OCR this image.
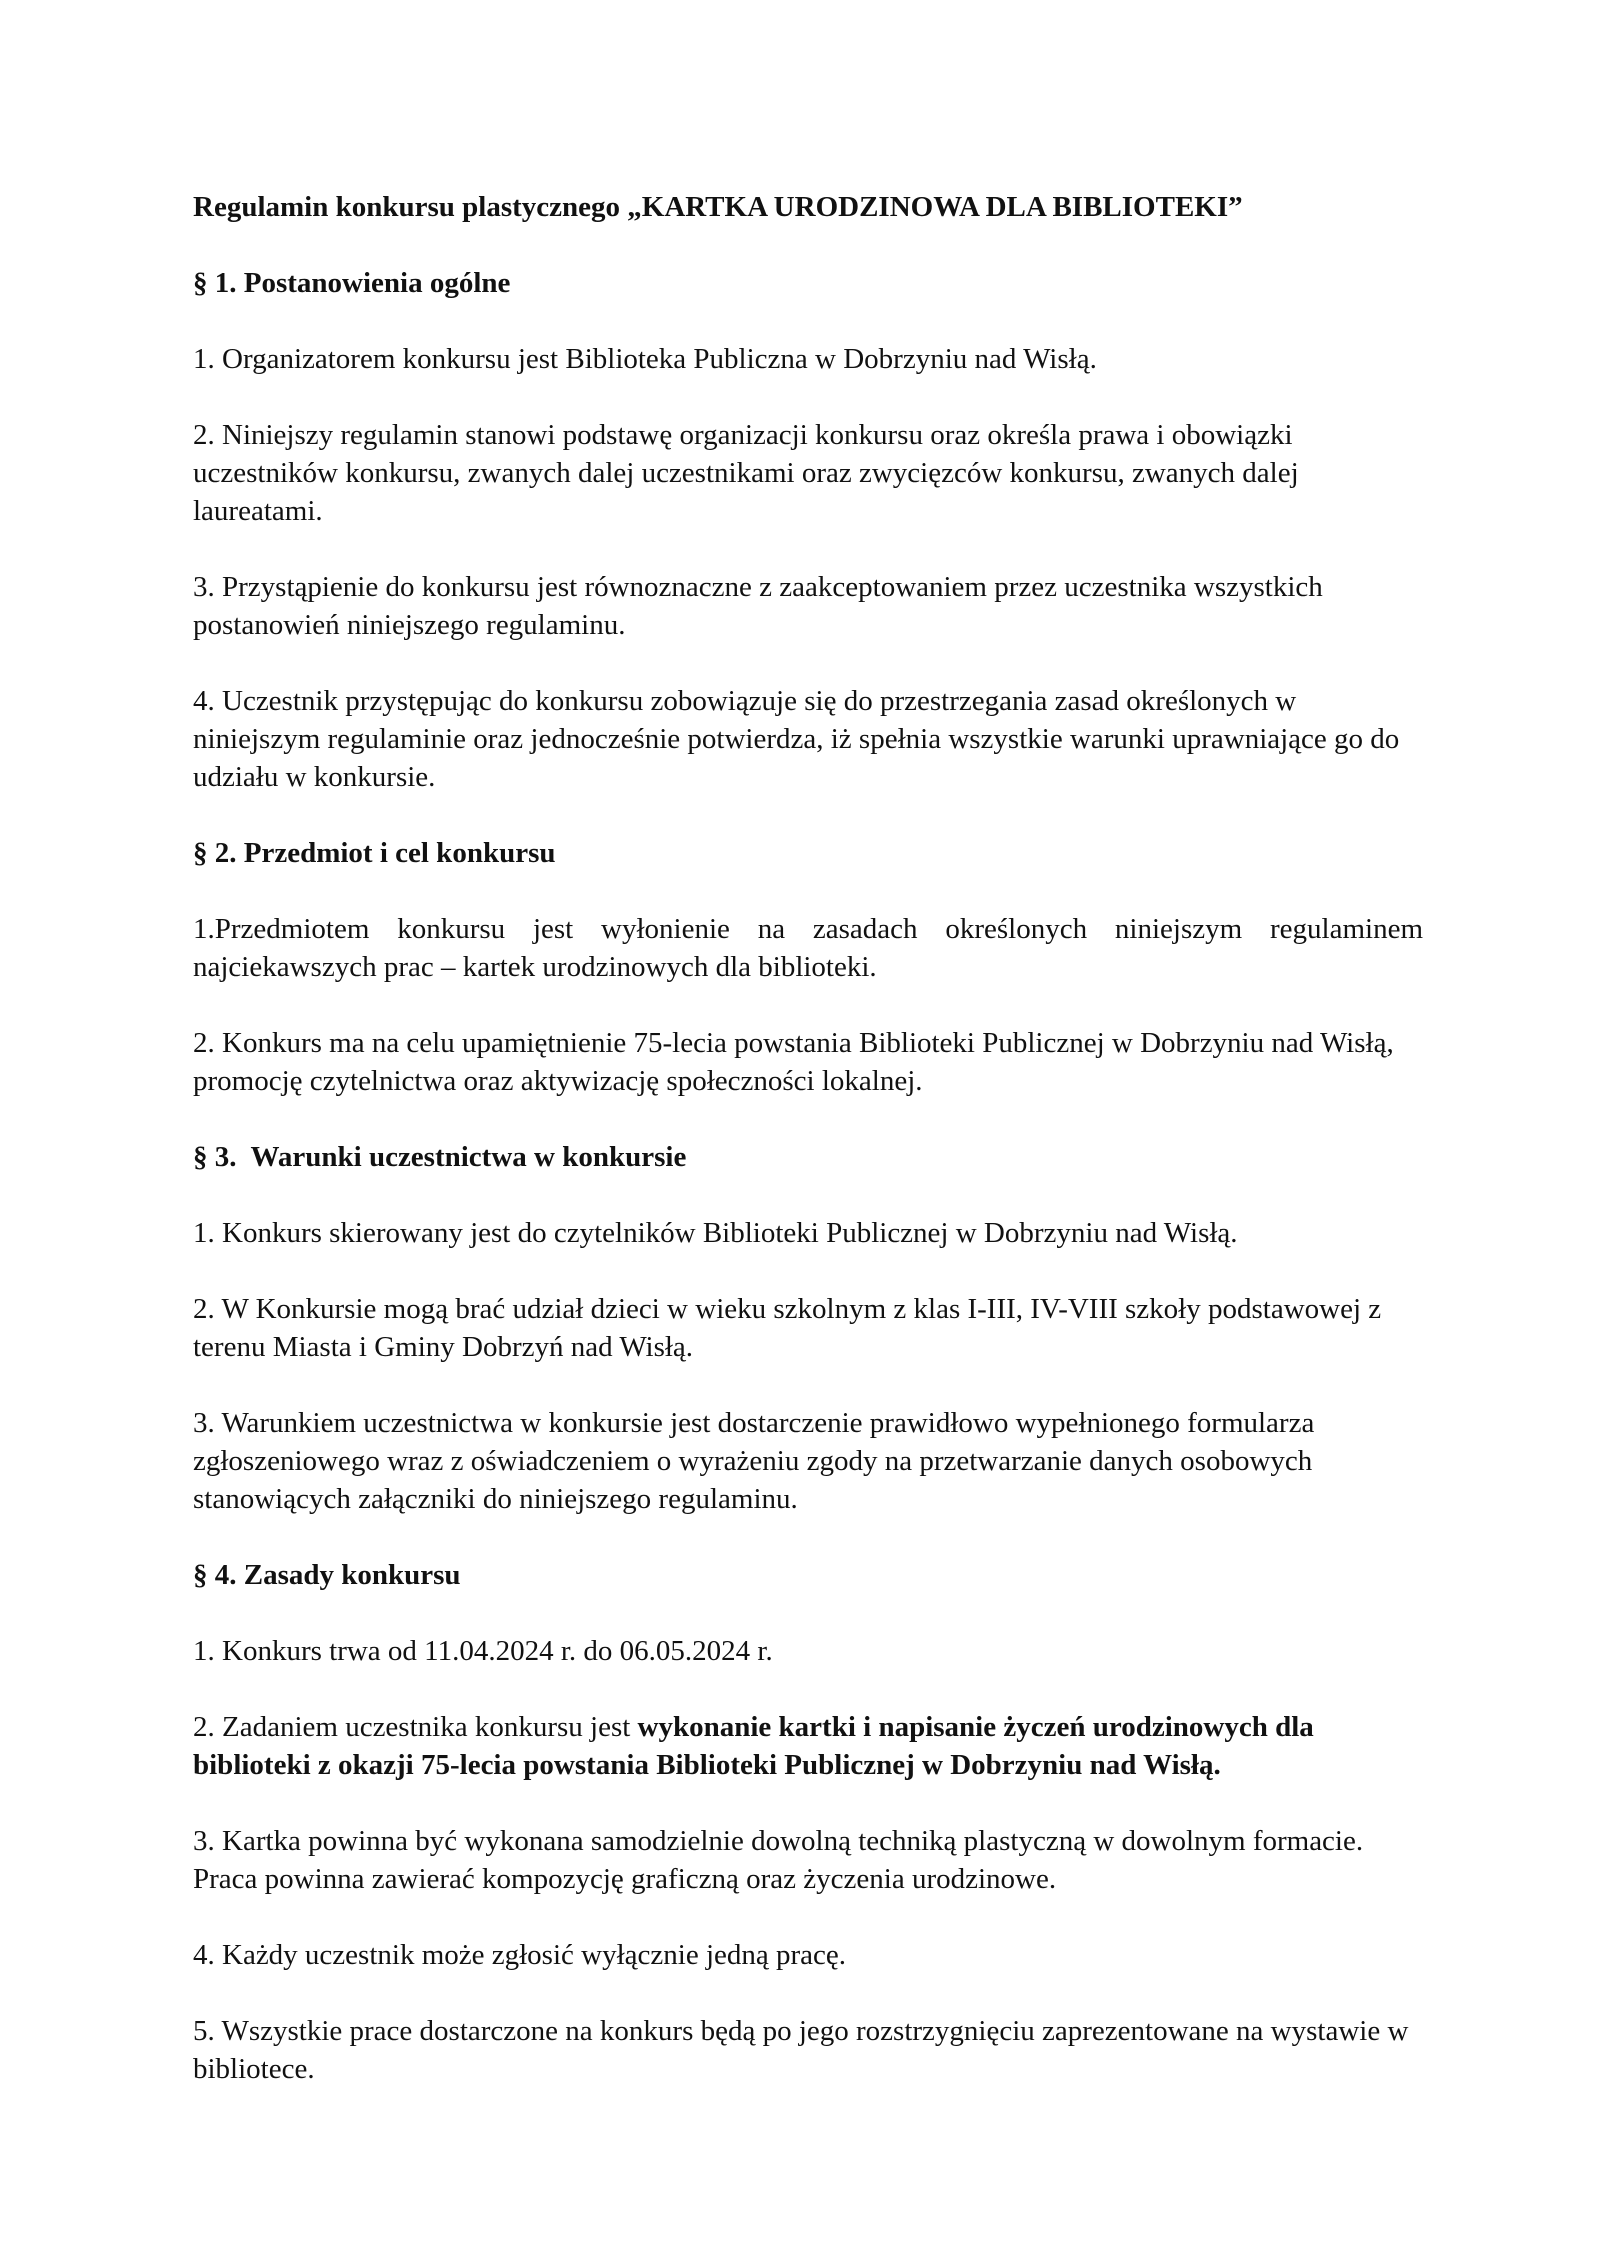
Regulamin konkursu plastycznego „KARTKA URODZINOWA DLA BIBLIOTEKI”
§ 1. Postanowienia ogólne

1. Organizatorem konkursu jest Biblioteka Publiczna w Dobrzyniu nad Wisłą.

2. Niniejszy regulamin stanowi podstawę organizacji konkursu oraz określa prawa i obowiązki uczestników konkursu, zwanych dalej uczestnikami oraz zwycięzców konkursu, zwanych dalej laureatami.

3. Przystąpienie do konkursu jest równoznaczne z zaakceptowaniem przez uczestnika wszystkich postanowień niniejszego regulaminu.

4. Uczestnik przystępując do konkursu zobowiązuje się do przestrzegania zasad określonych w niniejszym regulaminie oraz jednocześnie potwierdza, iż spełnia wszystkie warunki uprawniające go do udziału w konkursie.

§ 2. Przedmiot i cel konkursu

1.Przedmiotem konkursu jest wyłonienie na zasadach określonych niniejszym regulaminem najciekawszych prac – kartek urodzinowych dla biblioteki.

2. Konkurs ma na celu upamiętnienie 75-lecia powstania Biblioteki Publicznej w Dobrzyniu nad Wisłą, promocję czytelnictwa oraz aktywizację społeczności lokalnej.

§ 3.  Warunki uczestnictwa w konkursie

1. Konkurs skierowany jest do czytelników Biblioteki Publicznej w Dobrzyniu nad Wisłą.

2. W Konkursie mogą brać udział dzieci w wieku szkolnym z klas I-III, IV-VIII szkoły podstawowej z terenu Miasta i Gminy Dobrzyń nad Wisłą.

3. Warunkiem uczestnictwa w konkursie jest dostarczenie prawidłowo wypełnionego formularza zgłoszeniowego wraz z oświadczeniem o wyrażeniu zgody na przetwarzanie danych osobowych stanowiących załączniki do niniejszego regulaminu.

§ 4. Zasady konkursu

1. Konkurs trwa od 11.04.2024 r. do 06.05.2024 r.

2. Zadaniem uczestnika konkursu jest wykonanie kartki i napisanie życzeń urodzinowych dla biblioteki z okazji 75-lecia powstania Biblioteki Publicznej w Dobrzyniu nad Wisłą.

3. Kartka powinna być wykonana samodzielnie dowolną techniką plastyczną w dowolnym formacie. Praca powinna zawierać kompozycję graficzną oraz życzenia urodzinowe.

4. Każdy uczestnik może zgłosić wyłącznie jedną pracę.

5. Wszystkie prace dostarczone na konkurs będą po jego rozstrzygnięciu zaprezentowane na wystawie w bibliotece.
